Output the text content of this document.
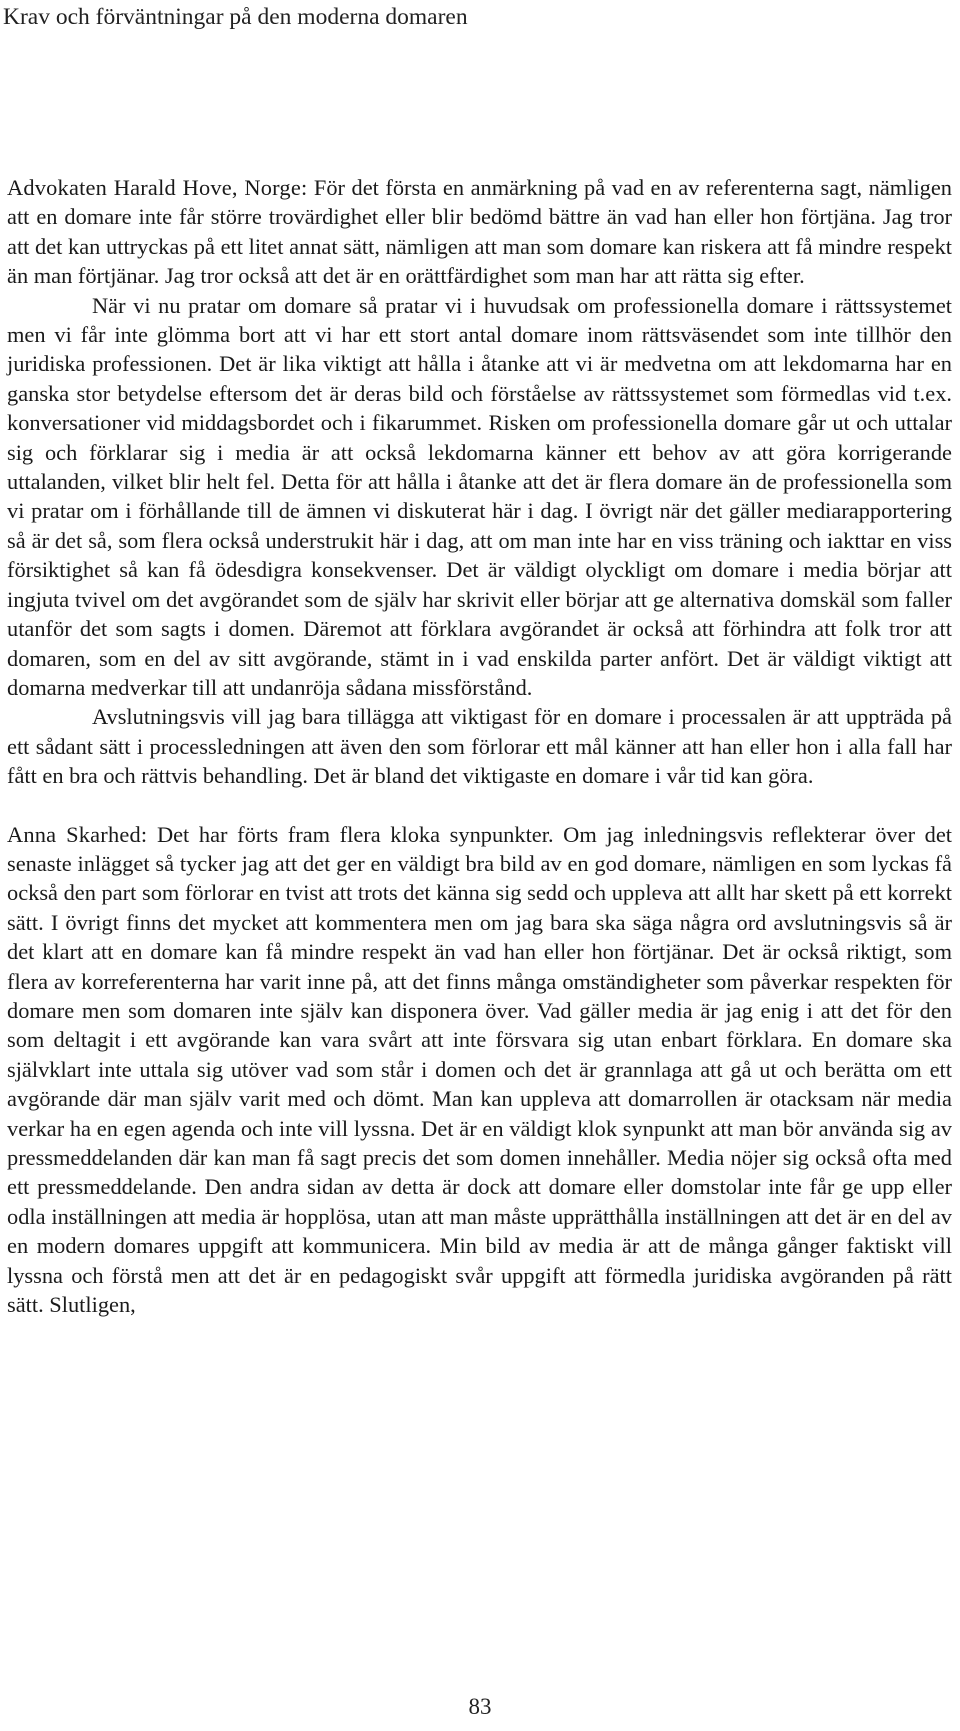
Krav och förväntningar på den moderna domaren

Advokaten Harald Hove, Norge: För det första en anmärkning på vad en av referenterna sagt, nämligen att en domare inte får större trovärdighet eller blir bedömd bättre än vad han eller hon förtjäna. Jag tror att det kan uttryckas på ett litet annat sätt, nämligen att man som domare kan riskera att få mindre respekt än man förtjänar. Jag tror också att det är en orättfärdighet som man har att rätta sig efter.

När vi nu pratar om domare så pratar vi i huvudsak om professionella domare i rättssystemet men vi får inte glömma bort att vi har ett stort antal domare inom rättsväsendet som inte tillhör den juridiska professionen. Det är lika viktigt att hålla i åtanke att vi är medvetna om att lekdomarna har en ganska stor betydelse eftersom det är deras bild och förståelse av rättssystemet som förmedlas vid t.ex. konversationer vid middagsbordet och i fikarummet. Risken om professionella domare går ut och uttalar sig och förklarar sig i media är att också lekdomarna känner ett behov av att göra korrigerande uttalanden, vilket blir helt fel. Detta för att hålla i åtanke att det är flera domare än de professionella som vi pratar om i förhållande till de ämnen vi diskuterat här i dag. I övrigt när det gäller mediarapportering så är det så, som flera också understrukit här i dag, att om man inte har en viss träning och iakttar en viss försiktighet så kan få ödesdigra konsekvenser. Det är väldigt olyckligt om domare i media börjar att ingjuta tvivel om det avgörandet som de själv har skrivit eller börjar att ge alternativa domskäl som faller utanför det som sagts i domen. Däremot att förklara avgörandet är också att förhindra att folk tror att domaren, som en del av sitt avgörande, stämt in i vad enskilda parter anfört. Det är väldigt viktigt att domarna medverkar till att undanröja sådana missförstånd.

Avslutningsvis vill jag bara tillägga att viktigast för en domare i processalen är att uppträda på ett sådant sätt i processledningen att även den som förlorar ett mål känner att han eller hon i alla fall har fått en bra och rättvis behandling. Det är bland det viktigaste en domare i vår tid kan göra.

Anna Skarhed: Det har förts fram flera kloka synpunkter. Om jag inledningsvis reflekterar över det senaste inlägget så tycker jag att det ger en väldigt bra bild av en god domare, nämligen en som lyckas få också den part som förlorar en tvist att trots det känna sig sedd och uppleva att allt har skett på ett korrekt sätt. I övrigt finns det mycket att kommentera men om jag bara ska säga några ord avslutningsvis så är det klart att en domare kan få mindre respekt än vad han eller hon förtjänar. Det är också riktigt, som flera av korreferenterna har varit inne på, att det finns många omständigheter som påverkar respekten för domare men som domaren inte själv kan disponera över. Vad gäller media är jag enig i att det för den som deltagit i ett avgörande kan vara svårt att inte försvara sig utan enbart förklara. En domare ska självklart inte uttala sig utöver vad som står i domen och det är grannlaga att gå ut och berätta om ett avgörande där man själv varit med och dömt. Man kan uppleva att domarrollen är otacksam när media verkar ha en egen agenda och inte vill lyssna. Det är en väldigt klok synpunkt att man bör använda sig av pressmeddelanden där kan man få sagt precis det som domen innehåller. Media nöjer sig också ofta med ett pressmeddelande. Den andra sidan av detta är dock att domare eller domstolar inte får ge upp eller odla inställningen att media är hopplösa, utan att man måste upprätthålla inställningen att det är en del av en modern domares uppgift att kommunicera. Min bild av media är att de många gånger faktiskt vill lyssna och förstå men att det är en pedagogiskt svår uppgift att förmedla juridiska avgöranden på rätt sätt. Slutligen,

83
